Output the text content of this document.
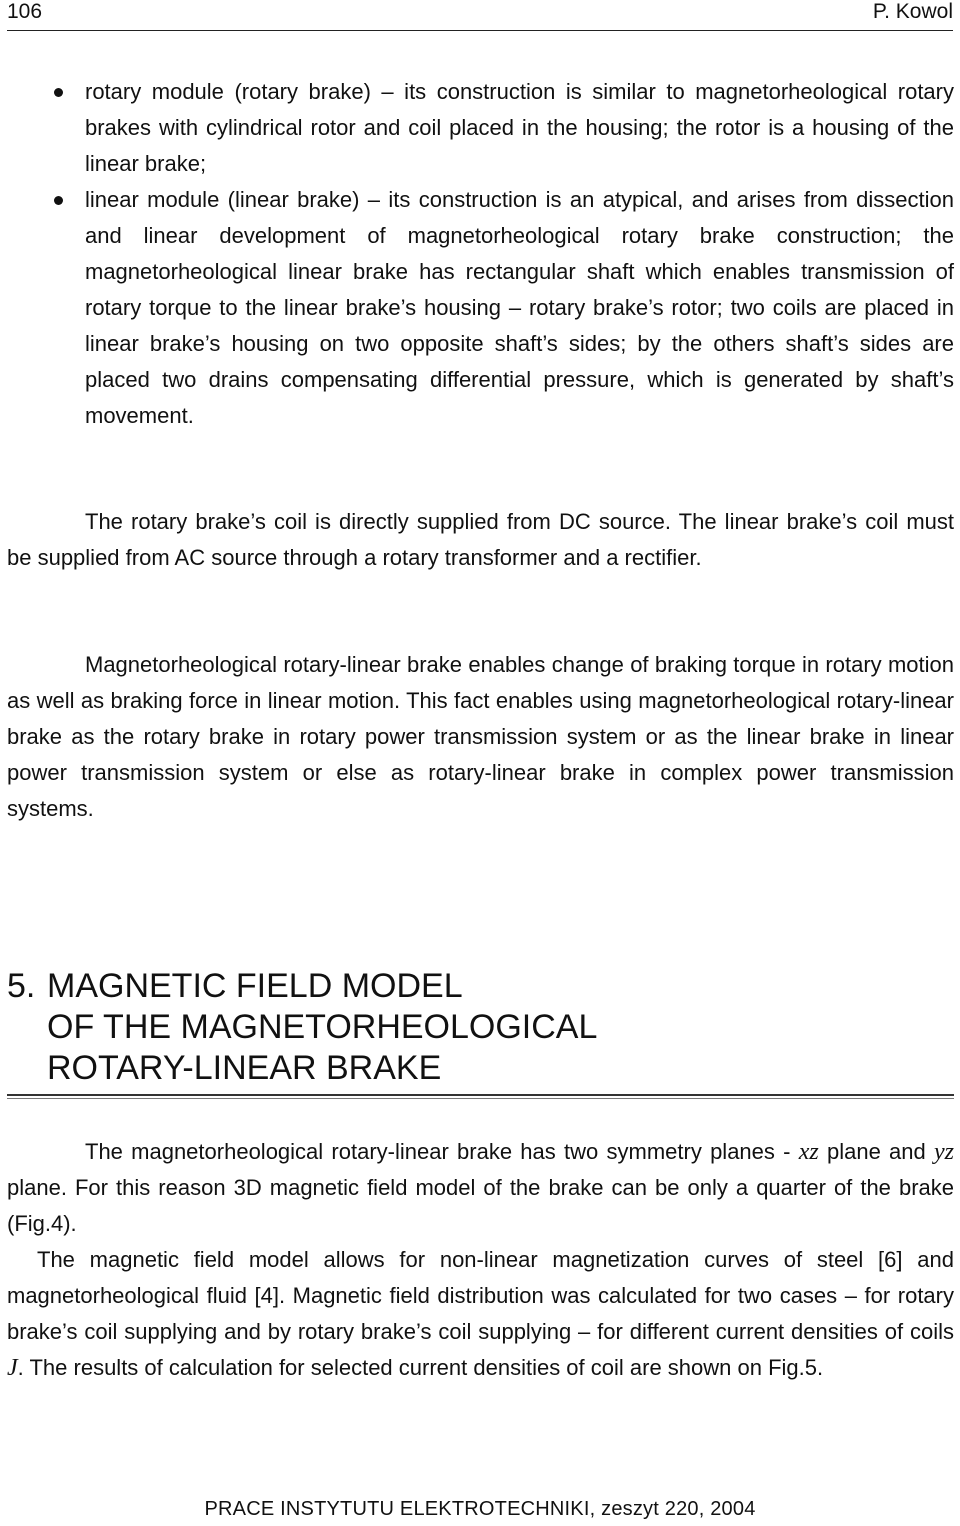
106	P. Kowol
rotary module (rotary brake) – its construction is similar to magnetorheological rotary brakes with cylindrical rotor and coil placed in the housing; the rotor is a housing of the linear brake;
linear module (linear brake) – its construction is an atypical, and arises from dissection and linear development of magnetorheological rotary brake construction; the magnetorheological linear brake has rectangular shaft which enables transmission of rotary torque to the linear brake’s housing – rotary brake’s rotor; two coils are placed in linear brake’s housing on two opposite shaft’s sides; by the others shaft’s sides are placed two drains compensating differential pressure, which is generated by shaft’s movement.

The rotary brake’s coil is directly supplied from DC source. The linear brake’s coil must be supplied from AC source through a rotary transformer and a rectifier.

Magnetorheological rotary-linear brake enables change of braking torque in rotary motion as well as braking force in linear motion. This fact enables using magnetorheological rotary-linear brake as the rotary brake in rotary power transmission system or as the linear brake in linear power transmission system or else as rotary-linear brake in complex power transmission systems.

5. MAGNETIC FIELD MODEL
OF THE MAGNETORHEOLOGICAL
ROTARY-LINEAR BRAKE

The magnetorheological rotary-linear brake has two symmetry planes - xz plane and yz plane. For this reason 3D magnetic field model of the brake can be only a quarter of the brake (Fig.4).

The magnetic field model allows for non-linear magnetization curves of steel [6] and magnetorheological fluid [4]. Magnetic field distribution was calculated for two cases – for rotary brake’s coil supplying and by rotary brake’s coil supplying – for different current densities of coils J. The results of calculation for selected current densities of coil are shown on Fig.5.

PRACE INSTYTUTU ELEKTROTECHNIKI, zeszyt 220, 2004
